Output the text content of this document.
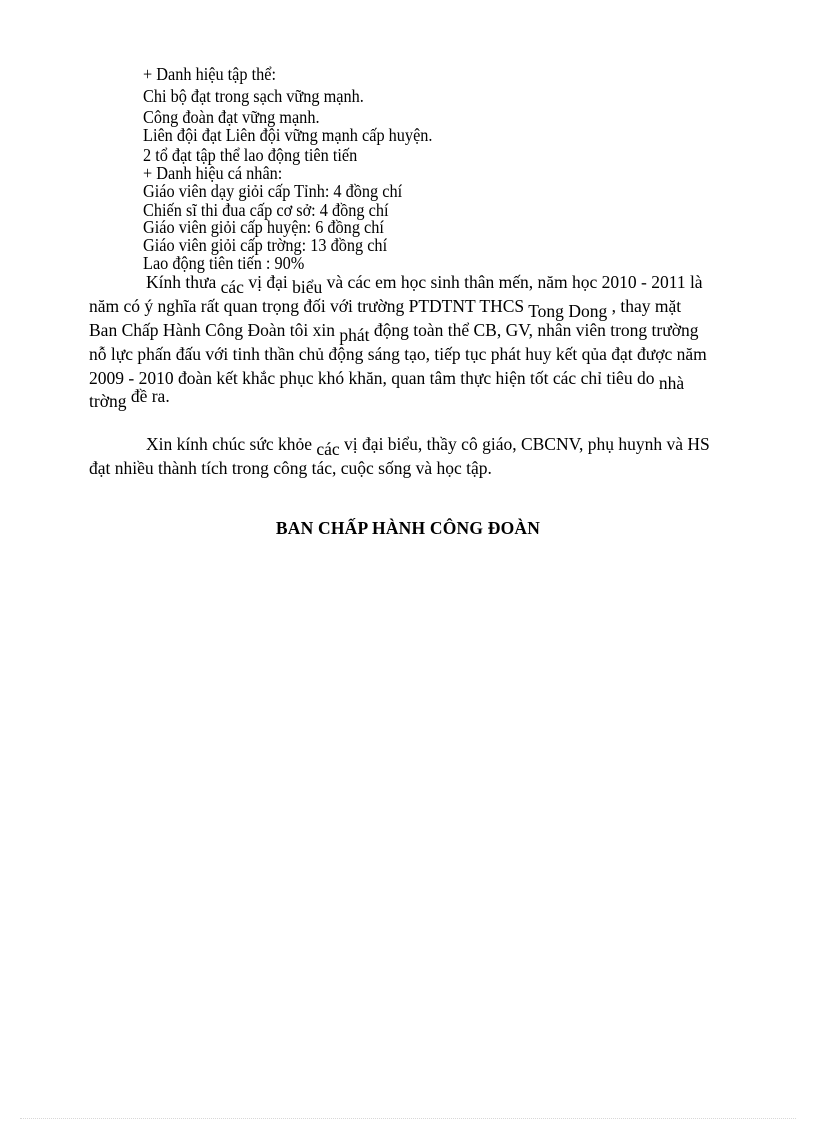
+ Danh hiệu tập thể:
Chi bộ đạt trong sạch vững mạnh.
Công đoàn đạt vững mạnh.
Liên đội đạt Liên đội vững mạnh cấp huyện.
2 tổ đạt tập thể lao động tiên tiến
+ Danh hiệu cá nhân:
Giáo viên dạy giỏi cấp Tỉnh: 4 đồng chí
Chiến sĩ thi đua cấp cơ sở: 4 đồng chí
Giáo viên giỏi cấp huyện: 6 đồng chí
Giáo viên giỏi cấp trờng: 13 đồng chí
Lao động tiên tiến : 90%
Kính thưa các vị đại biểu và các em học sinh thân mến, năm học 2010 - 2011 là
năm có ý nghĩa rất quan trọng đối với trường PTDTNT THCS Tong Dong , thay mặt
Ban Chấp Hành Công Đoàn tôi xin phát động toàn thể CB, GV, nhân viên trong trường
nỗ lực phấn đấu với tinh thần chủ động sáng tạo, tiếp tục phát huy kết qủa đạt được năm
2009 - 2010 đoàn kết khắc phục khó khăn, quan tâm thực hiện tốt các chỉ tiêu do nhà
trờng đề ra.
Xin kính chúc sức khỏe các vị đại biểu, thầy cô giáo, CBCNV, phụ huynh và HS
đạt nhiều thành tích trong công tác, cuộc sống và học tập.
BAN CHẤP HÀNH CÔNG ĐOÀN
